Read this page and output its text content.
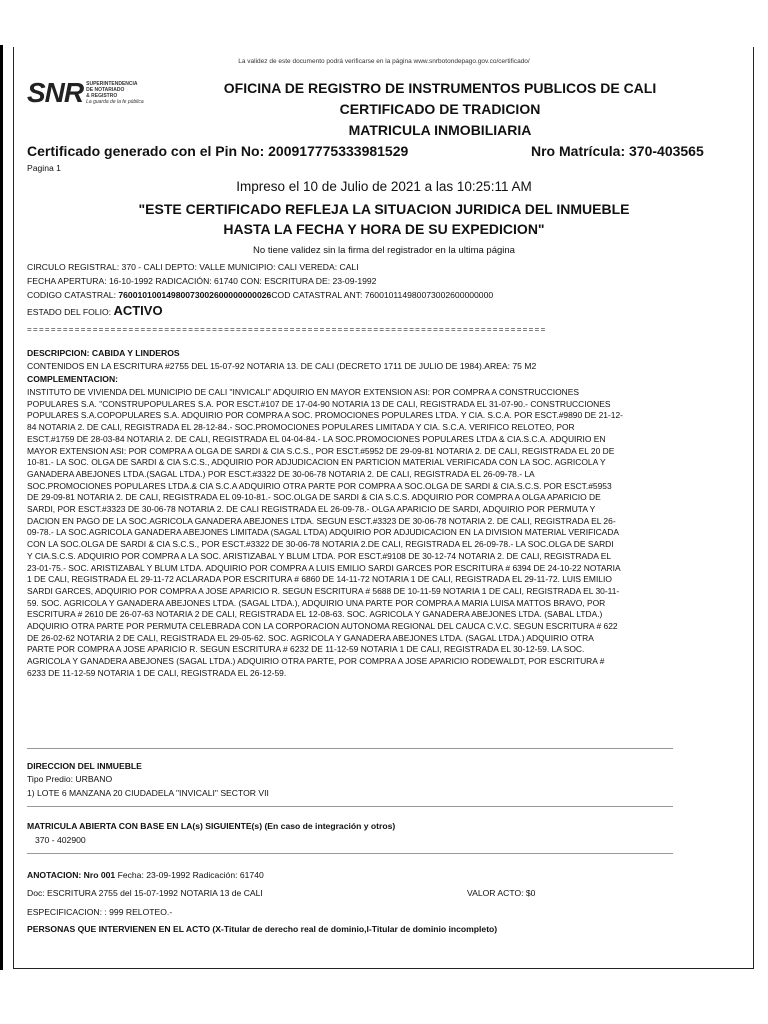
La validez de este documento podrá verificarse en la página www.snrbotondepago.gov.co/certificado/
SNR SUPERINTENDENCIA
DE NOTARIADO
& REGISTRO
La guarda de la fe pública
OFICINA DE REGISTRO DE INSTRUMENTOS PUBLICOS DE CALI
CERTIFICADO DE TRADICION
MATRICULA INMOBILIARIA
Certificado generado con el Pin No: 200917775333981529	Nro Matrícula: 370-403565
Pagina 1
Impreso el 10 de Julio de 2021 a las 10:25:11 AM
"ESTE CERTIFICADO REFLEJA LA SITUACION JURIDICA DEL INMUEBLE
HASTA LA FECHA Y HORA DE SU EXPEDICION"
No tiene validez sin la firma del registrador en la ultima página
CIRCULO REGISTRAL: 370 - CALI DEPTO: VALLE MUNICIPIO: CALI VEREDA: CALI
FECHA APERTURA: 16-10-1992 RADICACIÓN: 61740 CON: ESCRITURA DE: 23-09-1992
CODIGO CATASTRAL: 76001010014980073002600000000026COD CATASTRAL ANT: 760010114980073002600000000
ESTADO DEL FOLIO: ACTIVO
=======================================================================================
DESCRIPCION: CABIDA Y LINDEROS
CONTENIDOS EN LA ESCRITURA #2755 DEL 15-07-92 NOTARIA 13. DE CALI (DECRETO 1711 DE JULIO DE 1984).AREA: 75 M2
COMPLEMENTACION:
INSTITUTO DE VIVIENDA DEL MUNICIPIO DE CALI "INVICALI" ADQUIRIO EN MAYOR EXTENSION ASI: POR COMPRA A CONSTRUCCIONES
POPULARES S.A. "CONSTRUPOPULARES S.A. POR ESCT.#107 DE 17-04-90 NOTARIA 13 DE CALI, REGISTRADA EL 31-07-90.- CONSTRUCCIONES
POPULARES S.A.COPOPULARES S.A. ADQUIRIO POR COMPRA A SOC. PROMOCIONES POPULARES LTDA. Y CIA. S.C.A. POR ESCT.#9890 DE 21-12-
84 NOTARIA 2. DE CALI, REGISTRADA EL 28-12-84.- SOC.PROMOCIONES POPULARES LIMITADA Y CIA. S.C.A. VERIFICO RELOTEO, POR
ESCT.#1759 DE 28-03-84 NOTARIA 2. DE CALI, REGISTRADA EL 04-04-84.- LA SOC.PROMOCIONES POPULARES LTDA & CIA.S.C.A. ADQUIRIO EN
MAYOR EXTENSION ASI: POR COMPRA A OLGA DE SARDI & CIA S.C.S., POR ESCT.#5952 DE 29-09-81 NOTARIA 2. DE CALI, REGISTRADA EL 20 DE
10-81.- LA SOC. OLGA DE SARDI & CIA S.C.S., ADQUIRIO POR ADJUDICACION EN PARTICION MATERIAL VERIFICADA CON LA SOC. AGRICOLA Y
GANADERA ABEJONES LTDA.(SAGAL LTDA.) POR ESCT.#3322 DE 30-06-78 NOTARIA 2. DE CALI, REGISTRADA EL 26-09-78.- LA
SOC.PROMOCIONES POPULARES LTDA.& CIA S.C.A ADQUIRIO OTRA PARTE POR COMPRA A SOC.OLGA DE SARDI & CIA.S.C.S. POR ESCT.#5953
DE 29-09-81 NOTARIA 2. DE CALI, REGISTRADA EL 09-10-81.- SOC.OLGA DE SARDI & CIA S.C.S. ADQUIRIO POR COMPRA A OLGA APARICIO DE
SARDI, POR ESCT.#3323 DE 30-06-78 NOTARIA 2. DE CALI REGISTRADA EL 26-09-78.- OLGA APARICIO DE SARDI, ADQUIRIO POR PERMUTA Y
DACION EN PAGO DE LA SOC.AGRICOLA GANADERA ABEJONES LTDA. SEGUN ESCT.#3323 DE 30-06-78 NOTARIA 2. DE CALI, REGISTRADA EL 26-
09-78.- LA SOC.AGRICOLA GANADERA ABEJONES LIMITADA (SAGAL LTDA) ADQUIRIO POR ADJUDICACION EN LA DIVISION MATERIAL VERIFICADA
CON LA SOC.OLGA DE SARDI & CIA S.C.S., POR ESCT.#3322 DE 30-06-78 NOTARIA 2.DE CALI, REGISTRADA EL 26-09-78.- LA SOC.OLGA DE SARDI
Y CIA.S.C.S. ADQUIRIO POR COMPRA A LA SOC. ARISTIZABAL Y BLUM LTDA. POR ESCT.#9108 DE 30-12-74 NOTARIA 2. DE CALI, REGISTRADA EL
23-01-75.- SOC. ARISTIZABAL Y BLUM LTDA. ADQUIRIO POR COMPRA A LUIS EMILIO SARDI GARCES POR ESCRITURA # 6394 DE 24-10-22 NOTARIA
1 DE CALI, REGISTRADA EL 29-11-72 ACLARADA POR ESCRITURA # 6860 DE 14-11-72 NOTARIA 1 DE CALI, REGISTRADA EL 29-11-72. LUIS EMILIO
SARDI GARCES, ADQUIRIO POR COMPRA A JOSE APARICIO R. SEGUN ESCRITURA # 5688 DE 10-11-59 NOTARIA 1 DE CALI, REGISTRADA EL 30-11-
59. SOC. AGRICOLA Y GANADERA ABEJONES LTDA. (SAGAL LTDA.), ADQUIRIO UNA PARTE POR COMPRA A MARIA LUISA MATTOS BRAVO, POR
ESCRITURA # 2610 DE 26-07-63 NOTARIA 2 DE CALI, REGISTRADA EL 12-08-63. SOC. AGRICOLA Y GANADERA ABEJONES LTDA. (SABAL LTDA.)
ADQUIRIO OTRA PARTE POR PERMUTA CELEBRADA CON LA CORPORACION AUTONOMA REGIONAL DEL CAUCA C.V.C. SEGUN ESCRITURA # 622
DE 26-02-62 NOTARIA 2 DE CALI, REGISTRADA EL 29-05-62. SOC. AGRICOLA Y GANADERA ABEJONES LTDA. (SAGAL LTDA.) ADQUIRIO OTRA
PARTE POR COMPRA A JOSE APARICIO R. SEGUN ESCRITURA # 6232 DE 11-12-59 NOTARIA 1 DE CALI, REGISTRADA EL 30-12-59. LA SOC.
AGRICOLA Y GANADERA ABEJONES (SAGAL LTDA.) ADQUIRIO OTRA PARTE, POR COMPRA A JOSE APARICIO RODEWALDT, POR ESCRITURA #
6233 DE 11-12-59 NOTARIA 1 DE CALI, REGISTRADA EL 26-12-59.
DIRECCION DEL INMUEBLE
Tipo Predio: URBANO
1) LOTE 6 MANZANA 20 CIUDADELA "INVICALI" SECTOR VII
MATRICULA ABIERTA CON BASE EN LA(s) SIGUIENTE(s) (En caso de integración y otros)
370 - 402900
ANOTACION: Nro 001 Fecha: 23-09-1992 Radicación: 61740
Doc: ESCRITURA 2755 del 15-07-1992 NOTARIA 13 de CALI	VALOR ACTO: $0
ESPECIFICACION: : 999 RELOTEO.-
PERSONAS QUE INTERVIENEN EN EL ACTO (X-Titular de derecho real de dominio,I-Titular de dominio incompleto)
